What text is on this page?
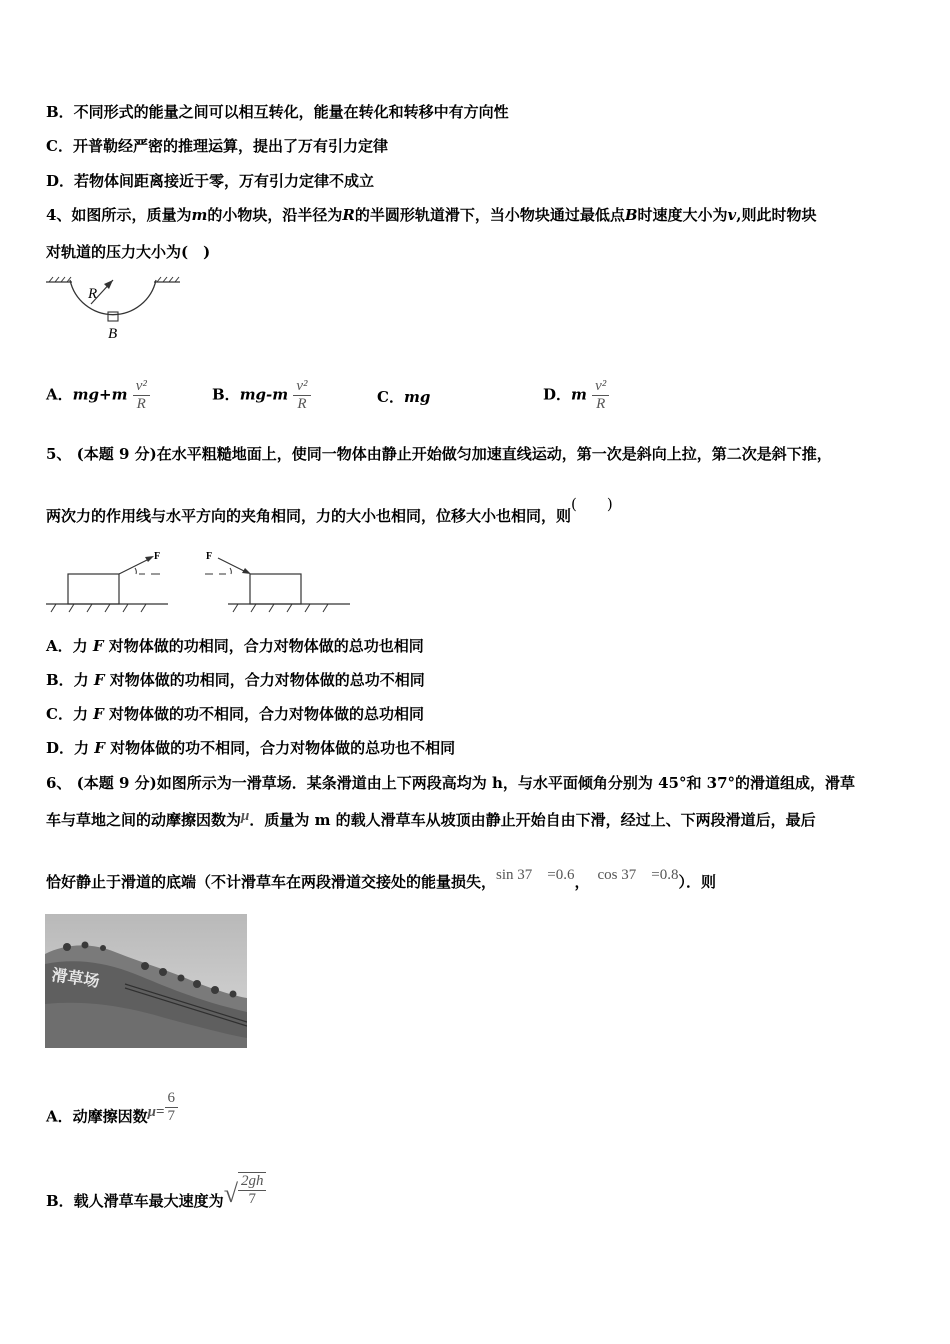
B．不同形式的能量之间可以相互转化，能量在转化和转移中有方向性
C．开普勒经严密的推理运算，提出了万有引力定律
D．若物体间距离接近于零，万有引力定律不成立
4、如图所示，质量为m的小物块，沿半径为R的半圆形轨道滑下，当小物块通过最低点B时速度大小为v,则此时物块
对轨道的压力大小为(　)
R
B
A．$mg+m \frac{\text{v²}}{R}$	B．$mg-m \frac{\text{v²}}{R}$	C．mg	D．m $\frac{\text{v²}}{R}$
5、 (本题 9 分)在水平粗糙地面上，使同一物体由静止开始做匀加速直线运动，第一次是斜向上拉，第二次是斜下推，
两次力的作用线与水平方向的夹角相同，力的大小也相同，位移大小也相同，则(　　)
F	F
A．力 F 对物体做的功相同，合力对物体做的总功也相同
B．力 F 对物体做的功相同，合力对物体做的总功不相同
C．力 F 对物体做的功不相同，合力对物体做的总功相同
D．力 F 对物体做的功不相同，合力对物体做的总功也不相同
6、 (本题 9 分)如图所示为一滑草场．某条滑道由上下两段高均为 h，与水平面倾角分别为 45°和 37°的滑道组成，滑草
车与草地之间的动摩擦因数为μ．质量为 m 的载人滑草车从坡顶由静止开始自由下滑，经过上、下两段滑道后，最后
恰好静止于滑道的底端（不计滑草车在两段滑道交接处的能量损失，sin 37　=0.6， cos 37　=0.8）．则
滑草场
A．动摩擦因数$\mu= \frac{6}{7}$
B．载人滑草车最大速度为√ $\frac{2gh}{7}$
